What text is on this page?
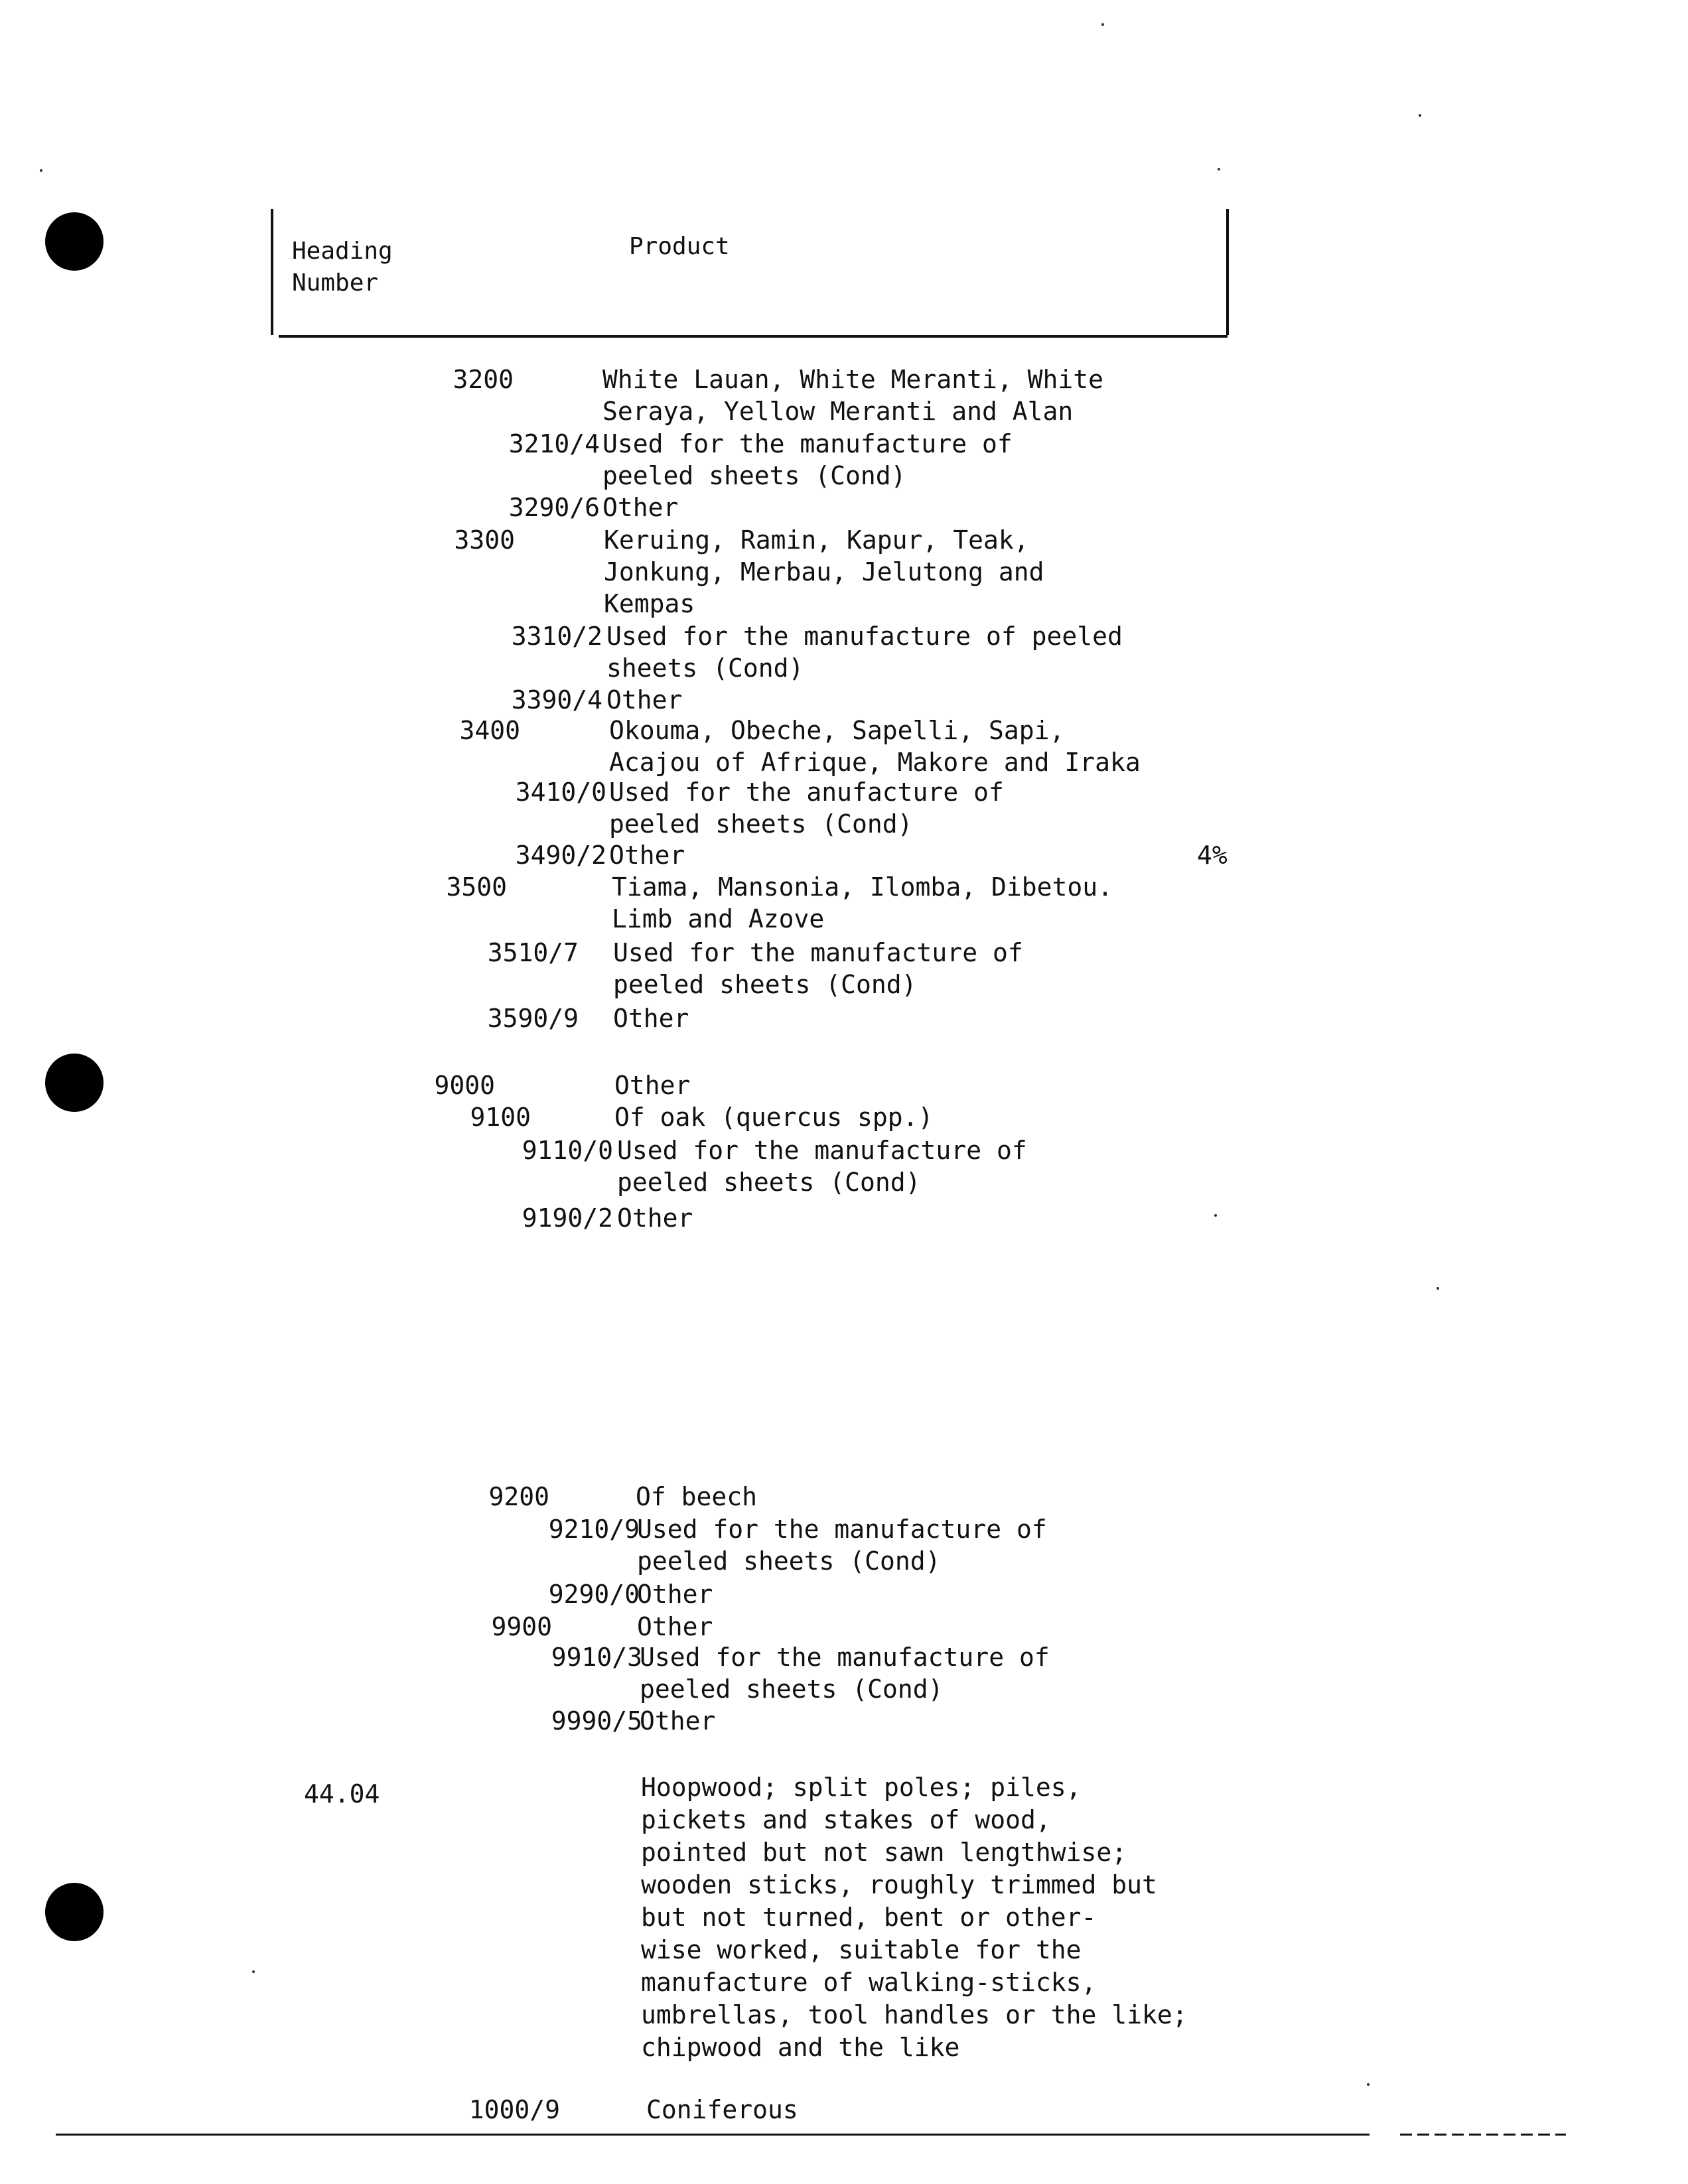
Heading
Number
Product
3200
3210/4
3290/6
3300
3310/2
3390/4
3400
3410/0
3490/2
3500
3510/7
3590/9
9000
9100
9110/0
9190/2
9200
9210/9
9290/0
9900
9910/3
9990/5
White Lauan, White Meranti, White
Seraya, Yellow Meranti and Alan
Used for the manufacture of
peeled sheets (Cond)
Other
Keruing, Ramin, Kapur, Teak,
Jonkung, Merbau, Jelutong and
Kempas
Used for the manufacture of peeled
sheets (Cond)
Other
Okouma, Obeche, Sapelli, Sapi,
Acajou of Afrique, Makore and Iraka
Used for the anufacture of
peeled sheets (Cond)
Other
Tiama, Mansonia, Ilomba, Dibetou.
Limb and Azove
Used for the manufacture of
peeled sheets (Cond)
Other
Other
Of oak (quercus spp.)
Used for the manufacture of
peeled sheets (Cond)
Other
Of beech
Used for the manufacture of
peeled sheets (Cond)
Other
Other
Used for the manufacture of
peeled sheets (Cond)
Other
4%
44.04	Hoopwood; split poles; piles,
pickets and stakes of wood,
pointed but not sawn lengthwise;
wooden sticks, roughly trimmed but
but not turned, bent or other-
wise worked, suitable for the
manufacture of walking-sticks,
umbrellas, tool handles or the like;
chipwood and the like
1000/9	Coniferous
